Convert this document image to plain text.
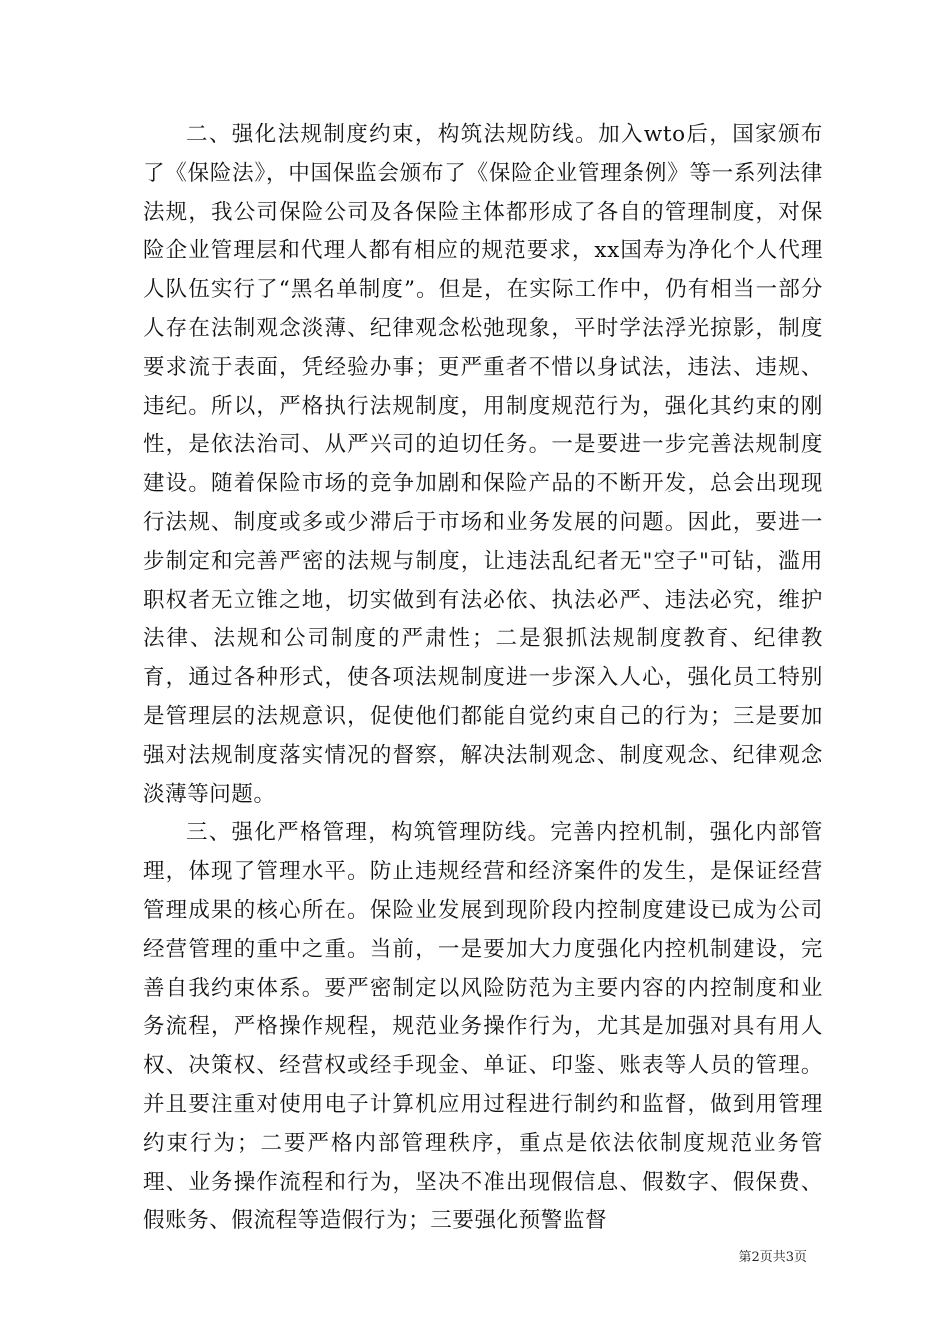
二、强化法规制度约束，构筑法规防线。加入wto后，国家颁布了《保险法》，中国保监会颁布了《保险企业管理条例》等一系列法律法规，我公司保险公司及各保险主体都形成了各自的管理制度，对保险企业管理层和代理人都有相应的规范要求，xx国寿为净化个人代理人队伍实行了“黑名单制度”。但是，在实际工作中，仍有相当一部分人存在法制观念淡薄、纪律观念松弛现象，平时学法浮光掠影，制度要求流于表面，凭经验办事；更严重者不惜以身试法，违法、违规、违纪。所以，严格执行法规制度，用制度规范行为，强化其约束的刚性，是依法治司、从严兴司的迫切任务。一是要进一步完善法规制度建设。随着保险市场的竞争加剧和保险产品的不断开发，总会出现现行法规、制度或多或少滞后于市场和业务发展的问题。因此，要进一步制定和完善严密的法规与制度，让违法乱纪者无"空子"可钻，滥用职权者无立锥之地，切实做到有法必依、执法必严、违法必究，维护法律、法规和公司制度的严肃性；二是狠抓法规制度教育、纪律教育，通过各种形式，使各项法规制度进一步深入人心，强化员工特别是管理层的法规意识，促使他们都能自觉约束自己的行为；三是要加强对法规制度落实情况的督察，解决法制观念、制度观念、纪律观念淡薄等问题。

三、强化严格管理，构筑管理防线。完善内控机制，强化内部管理，体现了管理水平。防止违规经营和经济案件的发生，是保证经营管理成果的核心所在。保险业发展到现阶段内控制度建设已成为公司经营管理的重中之重。当前，一是要加大力度强化内控机制建设，完善自我约束体系。要严密制定以风险防范为主要内容的内控制度和业务流程，严格操作规程，规范业务操作行为，尤其是加强对具有用人权、决策权、经营权或经手现金、单证、印鉴、账表等人员的管理。并且要注重对使用电子计算机应用过程进行制约和监督，做到用管理约束行为；二要严格内部管理秩序，重点是依法依制度规范业务管理、业务操作流程和行为，坚决不准出现假信息、假数字、假保费、假账务、假流程等造假行为；三要强化预警监督

第2页共3页
